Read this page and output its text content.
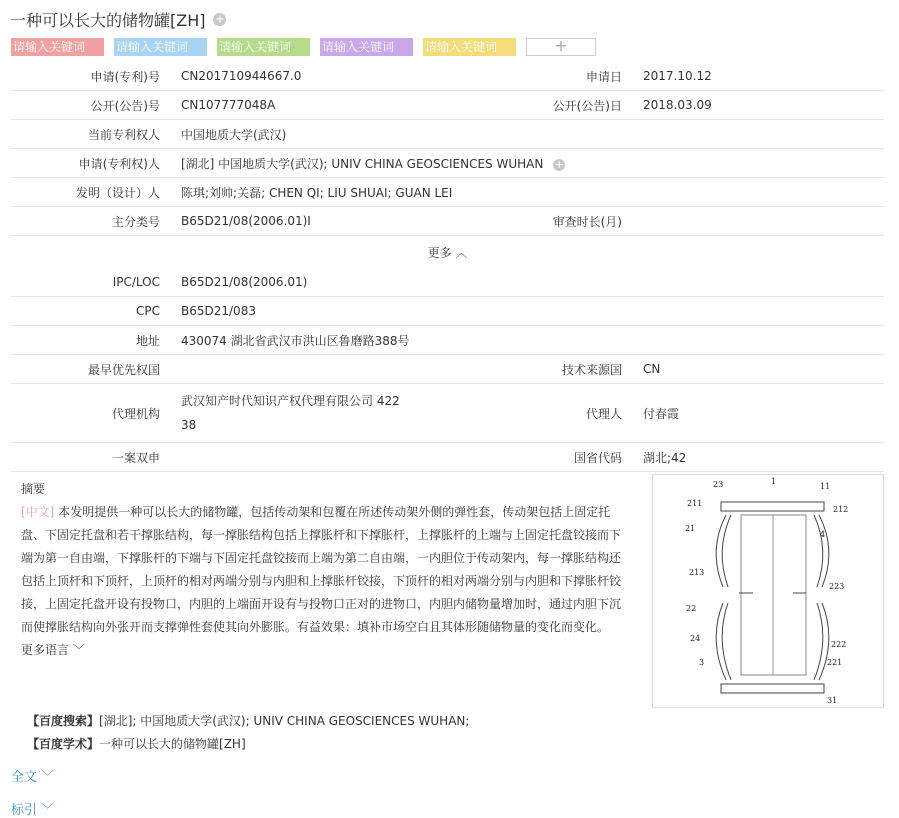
一种可以长大的储物罐[ZH] +
请输入关键词	请输入关键词	请输入关键词	请输入关键词	请输入关键词	+
申请(专利)号	CN201710944667.0	申请日	2017.10.12
公开(公告)号	CN107777048A	公开(公告)日	2018.03.09
当前专利权人	中国地质大学(武汉)		
申请(专利权)人	[湖北] 中国地质大学(武汉); UNIV CHINA GEOSCIENCES WUHAN +		
发明（设计）人	陈琪;刘帅;关磊; CHEN QI; LIU SHUAI; GUAN LEI		
主分类号	B65D21/08(2006.01)I	审查时长(月)	
更多 ︿			
IPC/LOC	B65D21/08(2006.01)		
CPC	B65D21/083		
地址	430074 湖北省武汉市洪山区鲁磨路388号		
最早优先权国		技术来源国	CN
代理机构	武汉知产时代知识产权代理有限公司 422
38	代理人	付春霞
一案双申		国省代码	湖北;42
摘要
[中文] 本发明提供一种可以长大的储物罐，包括传动架和包覆在所述传动架外侧的弹性套，传动架包括上固定托盘、下固定托盘和若干撑胀结构，每一撑胀结构包括上撑胀杆和下撑胀杆，上撑胀杆的上端与上固定托盘铰接而下端为第一自由端，下撑胀杆的下端与下固定托盘铰接而上端为第二自由端，一内胆位于传动架内，每一撑胀结构还包括上顶杆和下顶杆，上顶杆的相对两端分别与内胆和上撑胀杆铰接，下顶杆的相对两端分别与内胆和下撑胀杆铰接，上固定托盘开设有投物口，内胆的上端面开设有与投物口正对的进物口，内胆内储物量增加时，通过内胆下沉而使撑胀结构向外张开而支撑弹性套使其向外膨胀。有益效果：填补市场空白且其体形随储物量的变化而变化。
更多语言 ﹀
23	1
11
211
212
21
4
213
223
22
24
222
3	221
31
【百度搜索】[湖北]; 中国地质大学(武汉); UNIV CHINA GEOSCIENCES WUHAN;
【百度学术】一种可以长大的储物罐[ZH]
全文 ﹀
标引 ﹀
